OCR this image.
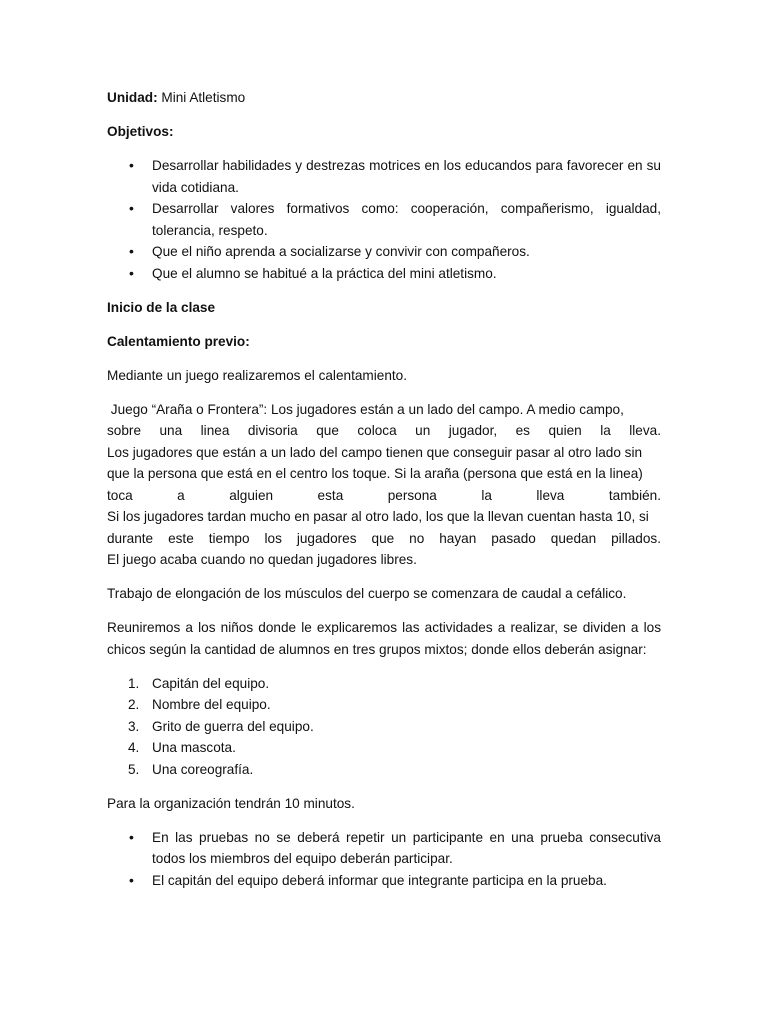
Unidad: Mini Atletismo

Objetivos:

• Desarrollar habilidades y destrezas motrices en los educandos para favorecer en su vida cotidiana.
• Desarrollar valores formativos como: cooperación, compañerismo, igualdad, tolerancia, respeto.
• Que el niño aprenda a socializarse y convivir con compañeros.
• Que el alumno se habitué a la práctica del mini atletismo.

Inicio de la clase

Calentamiento previo:

Mediante un juego realizaremos el calentamiento.

Juego “Araña o Frontera”: Los jugadores están a un lado del campo. A medio campo,
sobre una linea divisoria que coloca un jugador, es quien la lleva.
Los jugadores que están a un lado del campo tienen que conseguir pasar al otro lado sin
que la persona que está en el centro los toque. Si la araña (persona que está en la linea)
toca a alguien esta persona la lleva también.
Si los jugadores tardan mucho en pasar al otro lado, los que la llevan cuentan hasta 10, si
durante este tiempo los jugadores que no hayan pasado quedan pillados.
El juego acaba cuando no quedan jugadores libres.

Trabajo de elongación de los músculos del cuerpo se comenzara de caudal a cefálico.

Reuniremos a los niños donde le explicaremos las actividades a realizar, se dividen a los chicos según la cantidad de alumnos en tres grupos mixtos; donde ellos deberán asignar:

1. Capitán del equipo.
2. Nombre del equipo.
3. Grito de guerra del equipo.
4. Una mascota.
5. Una coreografía.

Para la organización tendrán 10 minutos.

• En las pruebas no se deberá repetir un participante en una prueba consecutiva todos los miembros del equipo deberán participar.
• El capitán del equipo deberá informar que integrante participa en la prueba.
